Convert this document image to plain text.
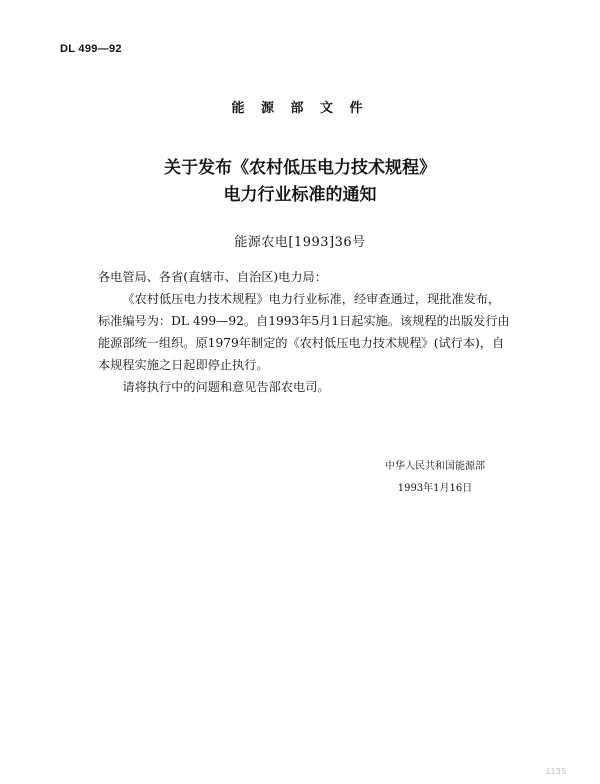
DL 499—92
能 源 部 文 件
关于发布《农村低压电力技术规程》
电力行业标准的通知
能源农电[1993]36号

各电管局、各省(直辖市、自治区)电力局：

《农村低压电力技术规程》电力行业标准，经审查通过，现批准发布，标准编号为：DL 499—92。自1993年5月1日起实施。该规程的出版发行由能源部统一组织。原1979年制定的《农村低压电力技术规程》(试行本)，自本规程实施之日起即停止执行。

请将执行中的问题和意见告部农电司。

中华人民共和国能源部
1993年1月16日
1135
